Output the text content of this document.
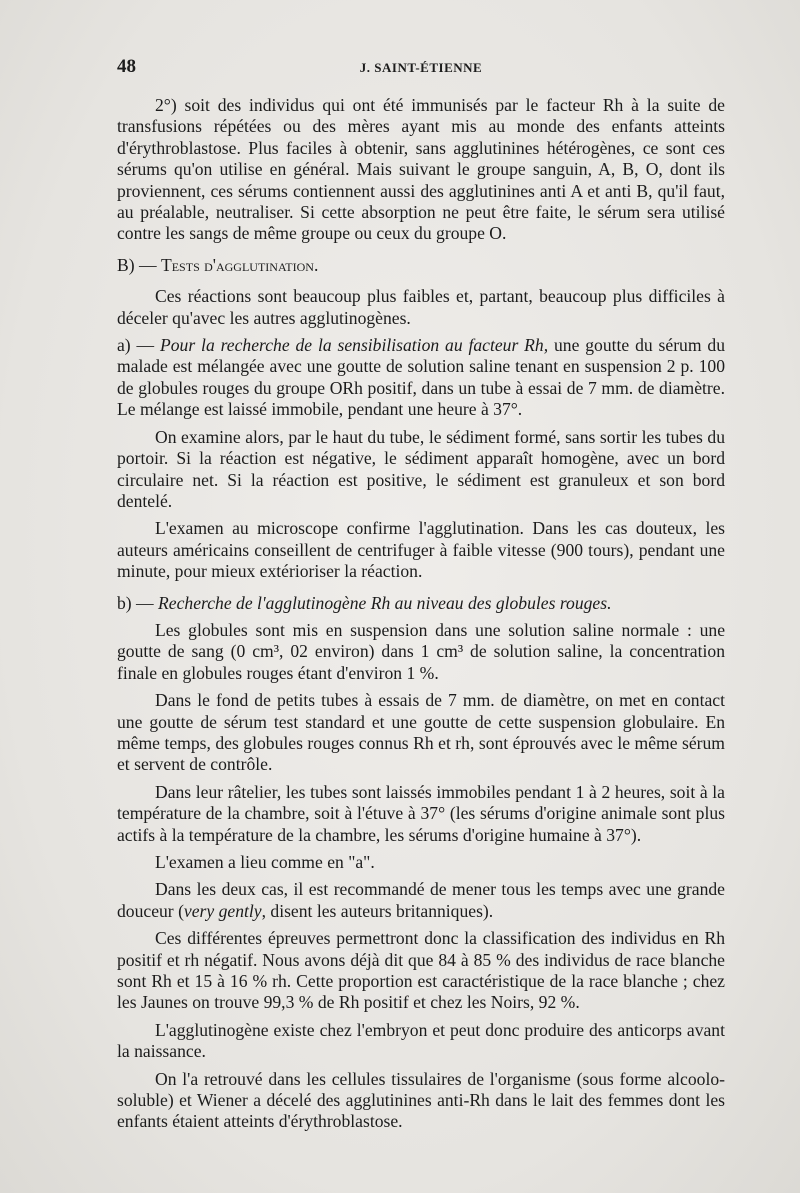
48	J. SAINT-ÉTIENNE

2°) soit des individus qui ont été immunisés par le facteur Rh à la suite de transfusions répétées ou des mères ayant mis au monde des enfants atteints d'érythroblastose. Plus faciles à obtenir, sans agglutinines hétérogènes, ce sont ces sérums qu'on utilise en général. Mais suivant le groupe sanguin, A, B, O, dont ils proviennent, ces sérums contiennent aussi des agglutinines anti A et anti B, qu'il faut, au préalable, neutraliser. Si cette absorption ne peut être faite, le sérum sera utilisé contre les sangs de même groupe ou ceux du groupe O.

B) — Tests d'agglutination.

Ces réactions sont beaucoup plus faibles et, partant, beaucoup plus difficiles à déceler qu'avec les autres agglutinogènes.

a) — Pour la recherche de la sensibilisation au facteur Rh, une goutte du sérum du malade est mélangée avec une goutte de solution saline tenant en suspension 2 p. 100 de globules rouges du groupe ORh positif, dans un tube à essai de 7 mm. de diamètre. Le mélange est laissé immobile, pendant une heure à 37°.

On examine alors, par le haut du tube, le sédiment formé, sans sortir les tubes du portoir. Si la réaction est négative, le sédiment apparaît homogène, avec un bord circulaire net. Si la réaction est positive, le sédiment est granuleux et son bord dentelé.

L'examen au microscope confirme l'agglutination. Dans les cas douteux, les auteurs américains conseillent de centrifuger à faible vitesse (900 tours), pendant une minute, pour mieux extérioriser la réaction.

b) — Recherche de l'agglutinogène Rh au niveau des globules rouges.

Les globules sont mis en suspension dans une solution saline normale : une goutte de sang (0 cm³, 02 environ) dans 1 cm³ de solution saline, la concentration finale en globules rouges étant d'environ 1 %.

Dans le fond de petits tubes à essais de 7 mm. de diamètre, on met en contact une goutte de sérum test standard et une goutte de cette suspension globulaire. En même temps, des globules rouges connus Rh et rh, sont éprouvés avec le même sérum et servent de contrôle.

Dans leur râtelier, les tubes sont laissés immobiles pendant 1 à 2 heures, soit à la température de la chambre, soit à l'étuve à 37° (les sérums d'origine animale sont plus actifs à la température de la chambre, les sérums d'origine humaine à 37°).

L'examen a lieu comme en "a".

Dans les deux cas, il est recommandé de mener tous les temps avec une grande douceur (very gently, disent les auteurs britanniques).

Ces différentes épreuves permettront donc la classification des individus en Rh positif et rh négatif. Nous avons déjà dit que 84 à 85 % des individus de race blanche sont Rh et 15 à 16 % rh. Cette proportion est caractéristique de la race blanche ; chez les Jaunes on trouve 99,3 % de Rh positif et chez les Noirs, 92 %.

L'agglutinogène existe chez l'embryon et peut donc produire des anticorps avant la naissance.

On l'a retrouvé dans les cellules tissulaires de l'organisme (sous forme alcoolo-soluble) et Wiener a décelé des agglutinines anti-Rh dans le lait des femmes dont les enfants étaient atteints d'érythroblastose.
